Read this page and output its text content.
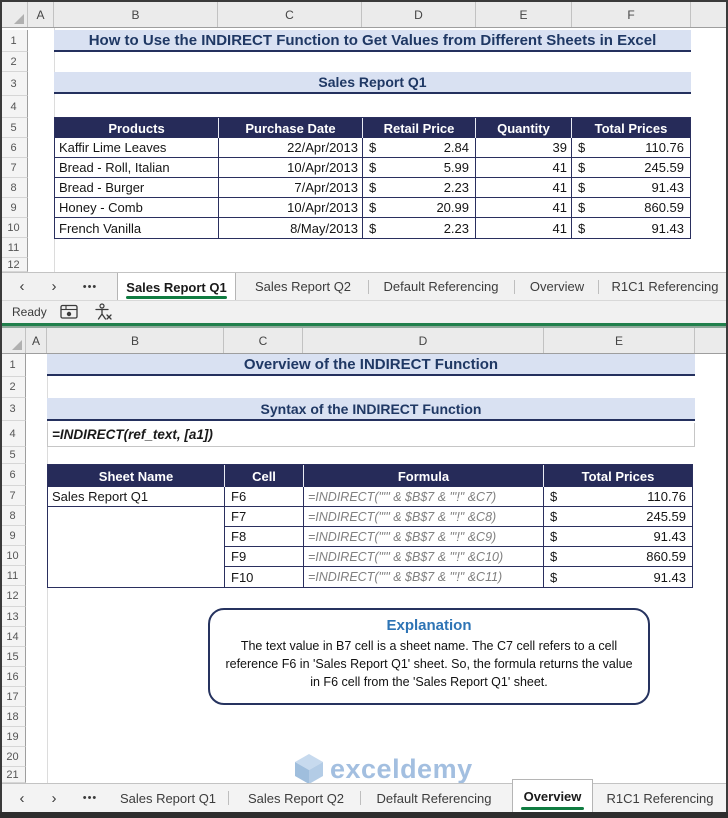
A	B	C	D	E	F
1
2
3
4
5
6
7
8
9
10
11
12
How to Use the INDIRECT Function to Get Values from Different Sheets in Excel
Sales Report Q1
Products	Purchase Date	Retail Price	Quantity	Total Prices
Kaffir Lime Leaves	22/Apr/2013 $	2.84	39 $	110.76
Bread - Roll, Italian	10/Apr/2013 $	5.99	41 $	245.59
Bread - Burger	7/Apr/2013 $	2.23	41 $	91.43
Honey - Comb	10/Apr/2013 $	20.99	41 $	860.59
French Vanilla	8/May/2013 $	2.23	41 $	91.43
‹	›	•••	Sales Report Q1	Sales Report Q2	Default Referencing	Overview	R1C1 Referencing
Ready
A	B	C	D	E
1
2
3
4
5
6
7
8
9
10
11
12
13
14
15
16
17
18
19
20
21
Overview of the INDIRECT Function
Syntax of the INDIRECT Function
=INDIRECT(ref_text, [a1])
Sheet Name	Cell	Formula	Total Prices
Sales Report Q1	F6	=INDIRECT("'" & $B$7 & "'!" &C7)	$	110.76
F7	=INDIRECT("'" & $B$7 & "'!" &C8)	$	245.59
F8	=INDIRECT("'" & $B$7 & "'!" &C9)	$	91.43
F9	=INDIRECT("'" & $B$7 & "'!" &C10)	$	860.59
F10	=INDIRECT("'" & $B$7 & "'!" &C11)	$	91.43
Explanation
The text value in B7 cell is a sheet name. The C7 cell refers to a cell reference F6 in 'Sales Report Q1' sheet. So, the formula returns the value in F6 cell from the 'Sales Report Q1' sheet.
exceldemy
‹	›	•••	Sales Report Q1	Sales Report Q2	Default Referencing	R1C1 Referencing
Overview
